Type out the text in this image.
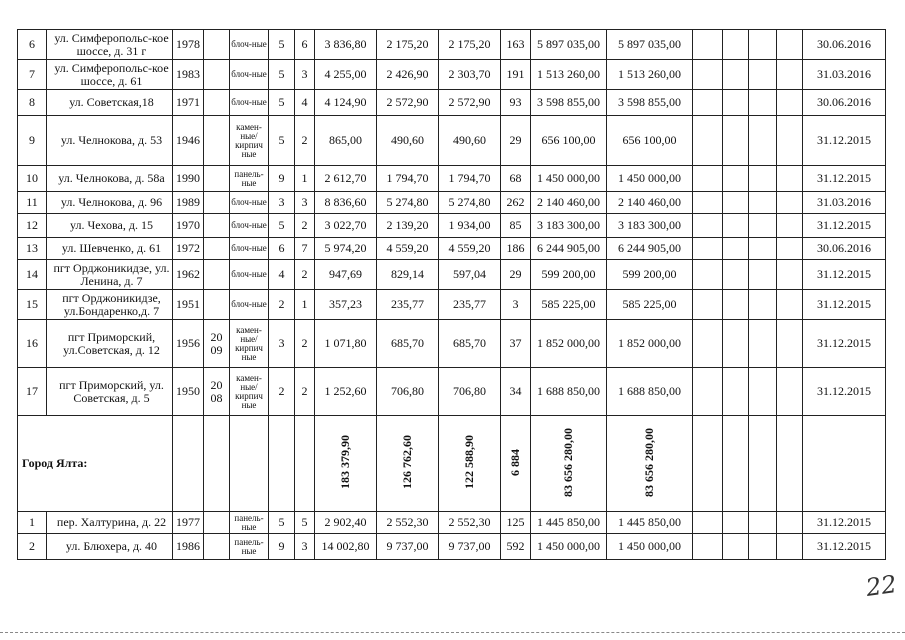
6	ул. Симферопольс-кое шоссе, д. 31 г	1978		блоч-ные	5	6	3 836,80	2 175,20	2 175,20	163	5 897 035,00	5 897 035,00					30.06.2016
7	ул. Симферопольс-кое шоссе, д. 61	1983		блоч-ные	5	3	4 255,00	2 426,90	2 303,70	191	1 513 260,00	1 513 260,00					31.03.2016
8	ул. Советская,18	1971		блоч-ные	5	4	4 124,90	2 572,90	2 572,90	93	3 598 855,00	3 598 855,00					30.06.2016
9	ул. Челнокова, д. 53	1946		камен-ные/ кирпич ные	5	2	865,00	490,60	490,60	29	656 100,00	656 100,00					31.12.2015
10	ул. Челнокова, д. 58а	1990		панель-ные	9	1	2 612,70	1 794,70	1 794,70	68	1 450 000,00	1 450 000,00					31.12.2015
11	ул. Челнокова, д. 96	1989		блоч-ные	3	3	8 836,60	5 274,80	5 274,80	262	2 140 460,00	2 140 460,00					31.03.2016
12	ул. Чехова, д. 15	1970		блоч-ные	5	2	3 022,70	2 139,20	1 934,00	85	3 183 300,00	3 183 300,00					31.12.2015
13	ул. Шевченко, д. 61	1972		блоч-ные	6	7	5 974,20	4 559,20	4 559,20	186	6 244 905,00	6 244 905,00					30.06.2016
14	пгт Орджоникидзе, ул. Ленина, д. 7	1962		блоч-ные	4	2	947,69	829,14	597,04	29	599 200,00	599 200,00					31.12.2015
15	пгт Орджоникидзе, ул.Бондаренко,д. 7	1951		блоч-ные	2	1	357,23	235,77	235,77	3	585 225,00	585 225,00					31.12.2015
16	пгт Приморский, ул.Советская, д. 12	1956	20 09	камен-ные/ кирпич ные	3	2	1 071,80	685,70	685,70	37	1 852 000,00	1 852 000,00					31.12.2015
17	пгт Приморский, ул. Советская, д. 5	1950	20 08	камен-ные/ кирпич ные	2	2	1 252,60	706,80	706,80	34	1 688 850,00	1 688 850,00					31.12.2015
Город Ялта:							183 379,90	126 762,60	122 588,90	6 884	83 656 280,00	83 656 280,00					
1	пер. Халтурина, д. 22	1977		панель-ные	5	5	2 902,40	2 552,30	2 552,30	125	1 445 850,00	1 445 850,00					31.12.2015
2	ул. Блюхера, д. 40	1986		панель-ные	9	3	14 002,80	9 737,00	9 737,00	592	1 450 000,00	1 450 000,00					31.12.2015
22
